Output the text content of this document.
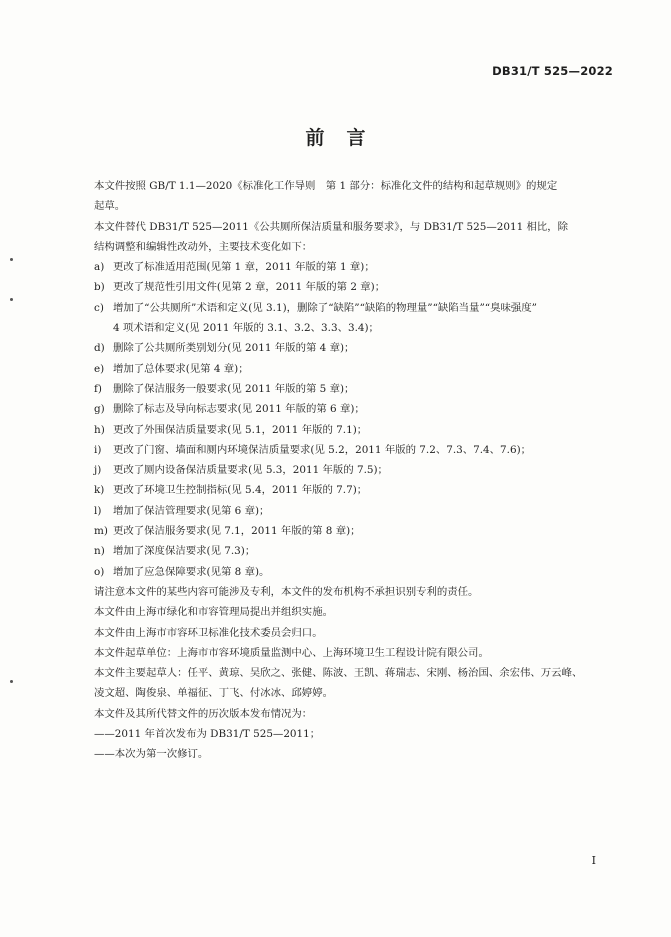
DB31/T 525—2022
前言

本文件按照 GB/T 1.1—2020《标准化工作导则　第 1 部分：标准化文件的结构和起草规则》的规定

起草。

本文件替代 DB31/T 525—2011《公共厕所保洁质量和服务要求》，与 DB31/T 525—2011 相比，除

结构调整和编辑性改动外，主要技术变化如下：

a) 更改了标准适用范围(见第 1 章，2011 年版的第 1 章)；
b) 更改了规范性引用文件(见第 2 章，2011 年版的第 2 章)；
c) 增加了“公共厕所”术语和定义(见 3.1)，删除了“缺陷”“缺陷的物理量”“缺陷当量”“臭味强度”

4 项术语和定义(见 2011 年版的 3.1、3.2、3.3、3.4)；

d) 删除了公共厕所类别划分(见 2011 年版的第 4 章)；
e) 增加了总体要求(见第 4 章)；
f)	删除了保洁服务一般要求(见 2011 年版的第 5 章)；
g) 删除了标志及导向标志要求(见 2011 年版的第 6 章)；
h) 更改了外围保洁质量要求(见 5.1，2011 年版的 7.1)；
i)	更改了门窗、墙面和厕内环境保洁质量要求(见 5.2，2011 年版的 7.2、7.3、7.4、7.6)；
j)	更改了厕内设备保洁质量要求(见 5.3，2011 年版的 7.5)；
k) 更改了环境卫生控制指标(见 5.4，2011 年版的 7.7)；
l)	增加了保洁管理要求(见第 6 章)；
m) 更改了保洁服务要求(见 7.1，2011 年版的第 8 章)；
n) 增加了深度保洁要求(见 7.3)；
o) 增加了应急保障要求(见第 8 章)。

请注意本文件的某些内容可能涉及专利，本文件的发布机构不承担识别专利的责任。

本文件由上海市绿化和市容管理局提出并组织实施。

本文件由上海市市容环卫标准化技术委员会归口。

本文件起草单位：上海市市容环境质量监测中心、上海环境卫生工程设计院有限公司。

本文件主要起草人：任平、黄琼、吴欣之、张健、陈波、王凯、蒋瑞志、宋刚、杨治国、余宏伟、万云峰、

凌文超、陶俊泉、单福征、丁飞、付冰冰、邱婷婷。

本文件及其所代替文件的历次版本发布情况为：

——2011 年首次发布为 DB31/T 525—2011；

——本次为第一次修订。

I
